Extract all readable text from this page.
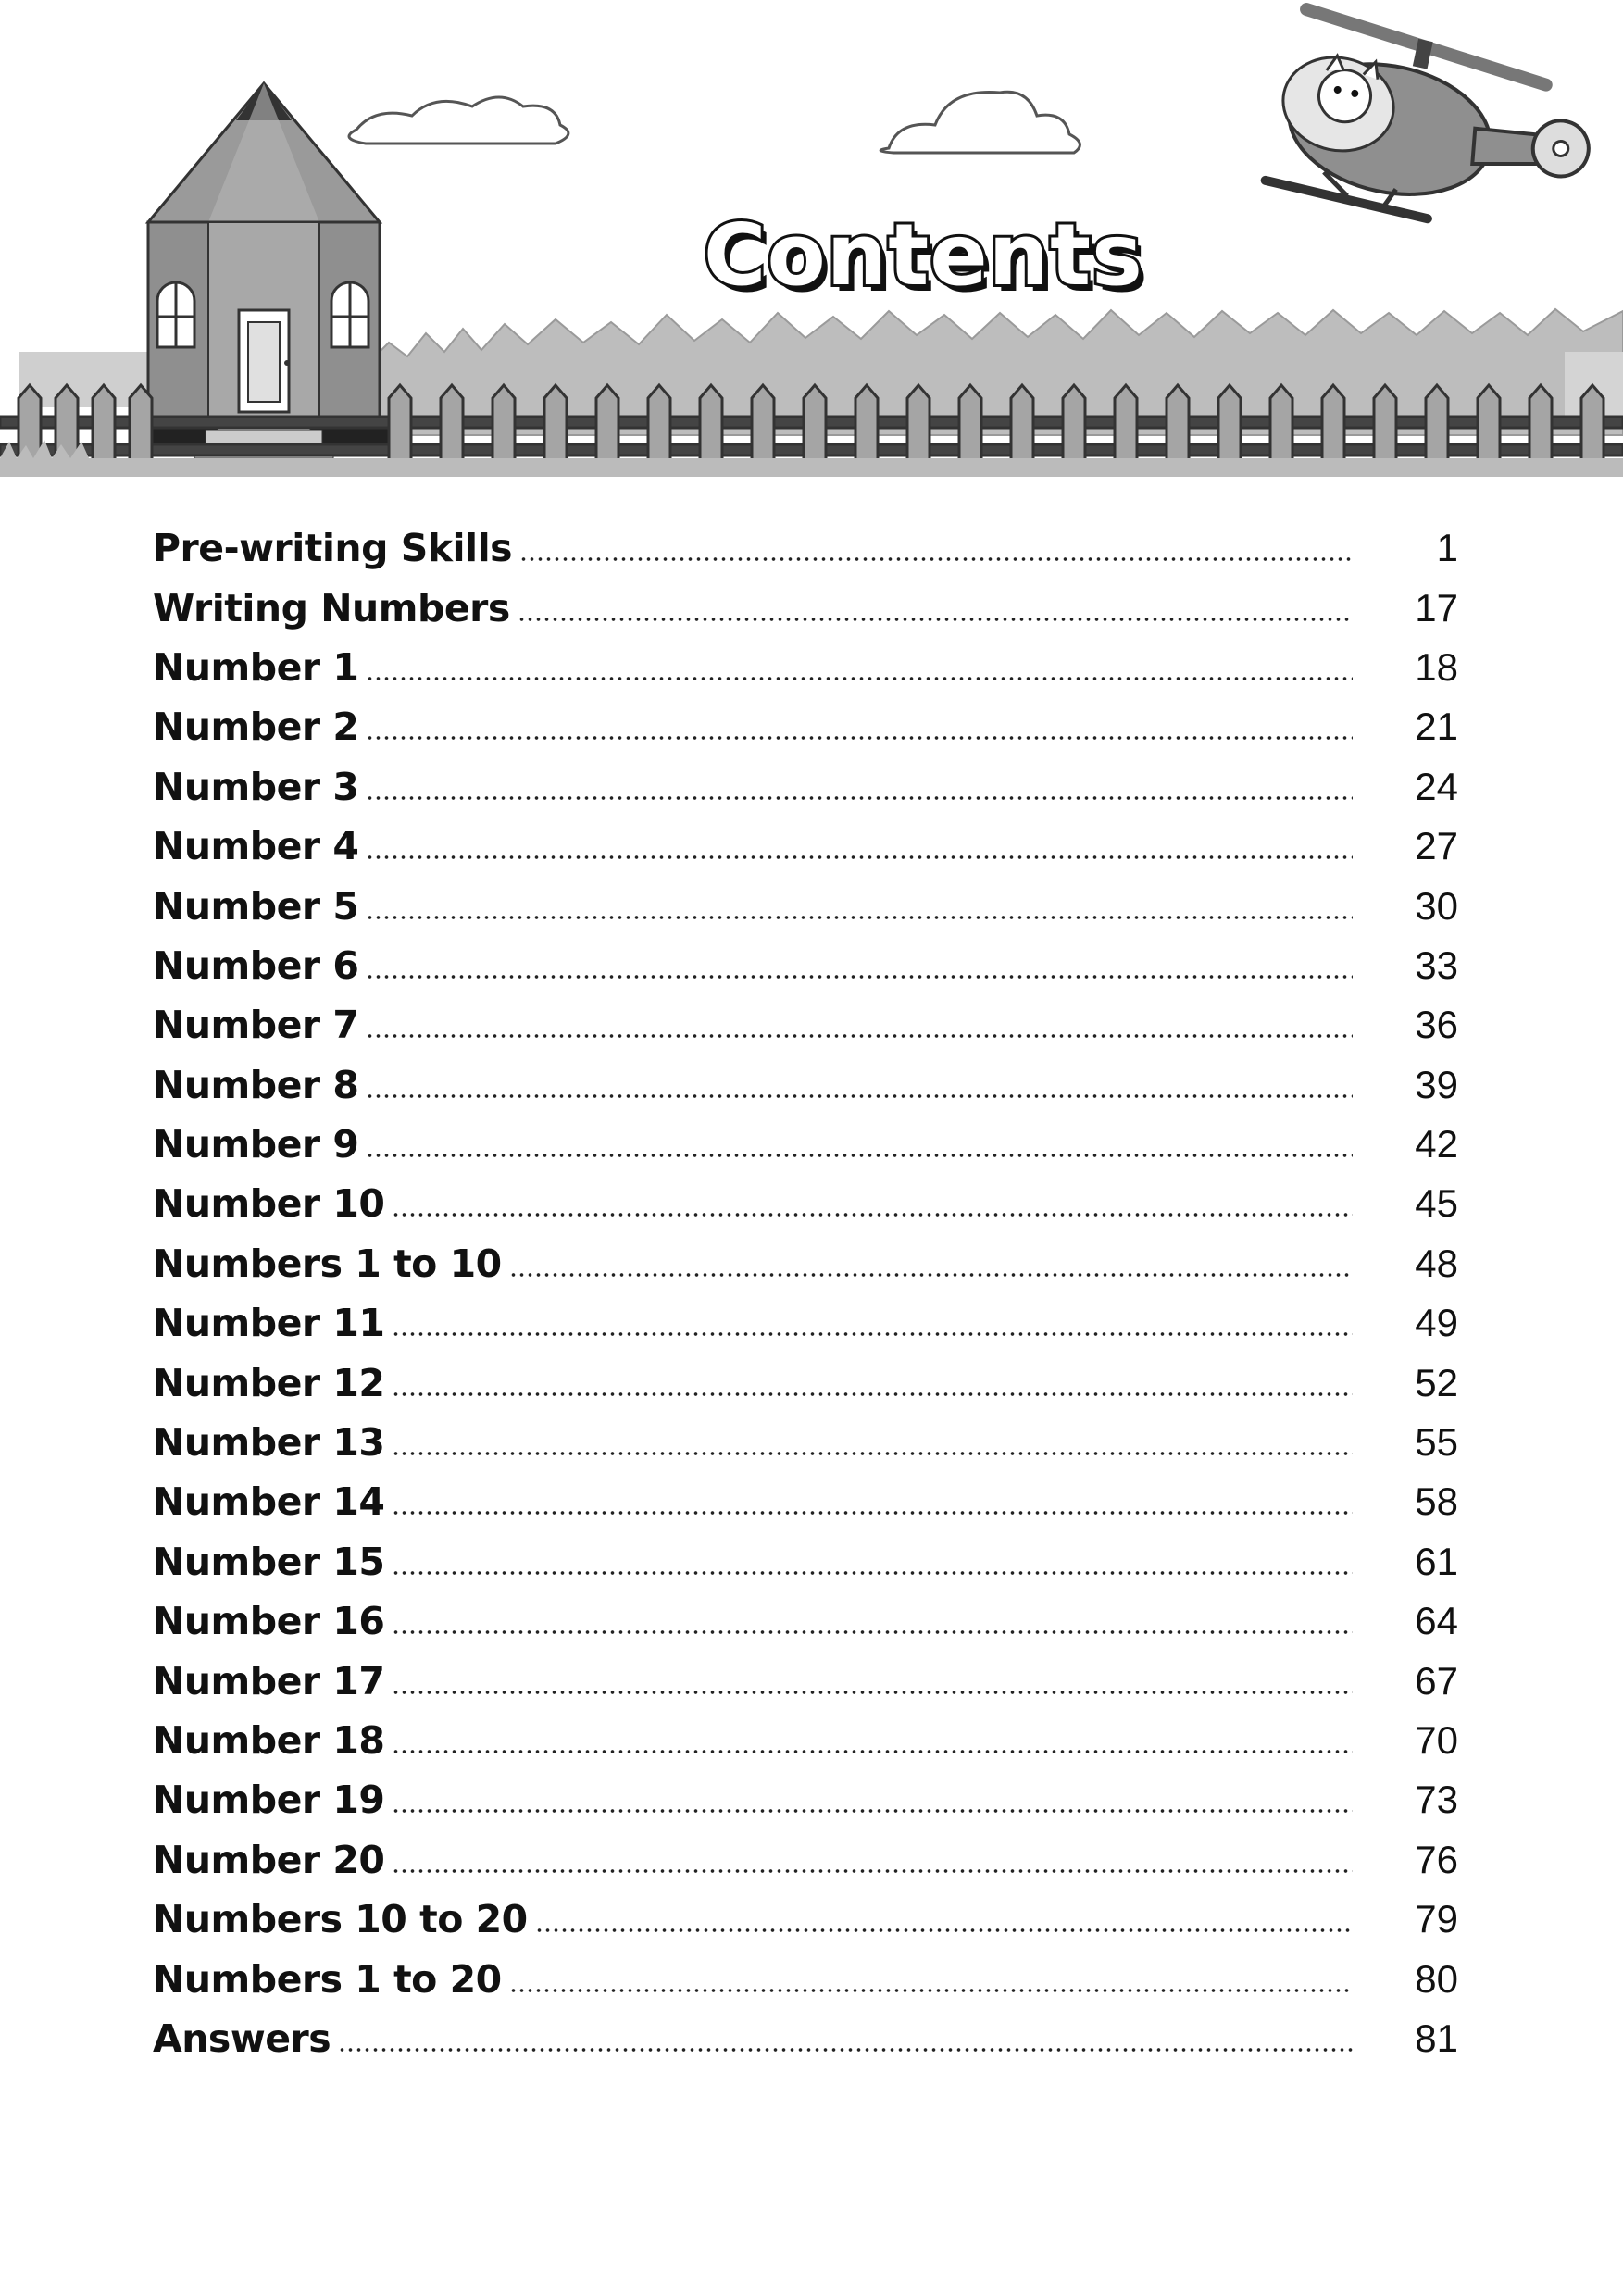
Contents
Pre-writing Skills	1
Writing Numbers	17
Number 1	18
Number 2	21
Number 3	24
Number 4	27
Number 5	30
Number 6	33
Number 7	36
Number 8	39
Number 9	42
Number 10	45
Numbers 1 to 10	48
Number 11	49
Number 12	52
Number 13	55
Number 14	58
Number 15	61
Number 16	64
Number 17	67
Number 18	70
Number 19	73
Number 20	76
Numbers 10 to 20	79
Numbers 1 to 20	80
Answers	81
